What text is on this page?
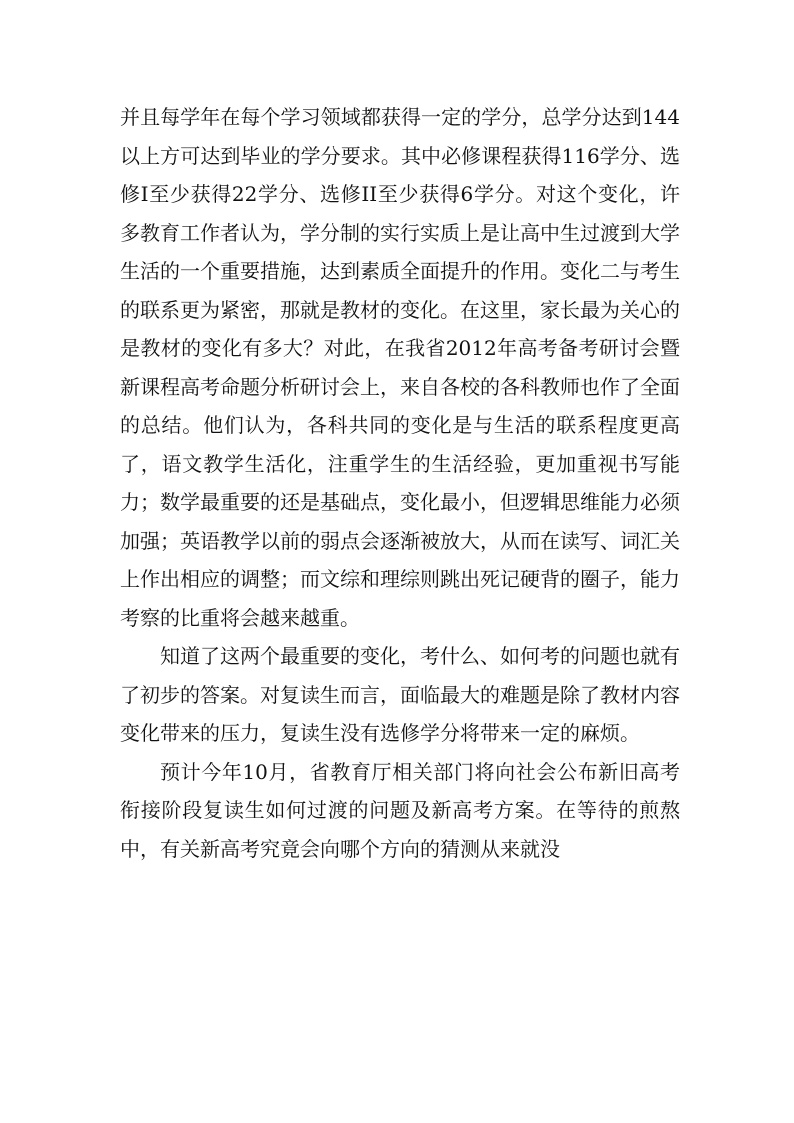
并且每学年在每个学习领域都获得一定的学分，总学分达到144以上方可达到毕业的学分要求。其中必修课程获得116学分、选修I至少获得22学分、选修II至少获得6学分。对这个变化，许多教育工作者认为，学分制的实行实质上是让高中生过渡到大学生活的一个重要措施，达到素质全面提升的作用。变化二与考生的联系更为紧密，那就是教材的变化。在这里，家长最为关心的是教材的变化有多大？对此，在我省2012年高考备考研讨会暨新课程高考命题分析研讨会上，来自各校的各科教师也作了全面的总结。他们认为，各科共同的变化是与生活的联系程度更高了，语文教学生活化，注重学生的生活经验，更加重视书写能力；数学最重要的还是基础点，变化最小，但逻辑思维能力必须加强；英语教学以前的弱点会逐渐被放大，从而在读写、词汇关上作出相应的调整；而文综和理综则跳出死记硬背的圈子，能力考察的比重将会越来越重。

知道了这两个最重要的变化，考什么、如何考的问题也就有了初步的答案。对复读生而言，面临最大的难题是除了教材内容变化带来的压力，复读生没有选修学分将带来一定的麻烦。

预计今年10月，省教育厅相关部门将向社会公布新旧高考衔接阶段复读生如何过渡的问题及新高考方案。在等待的煎熬中，有关新高考究竟会向哪个方向的猜测从来就没
